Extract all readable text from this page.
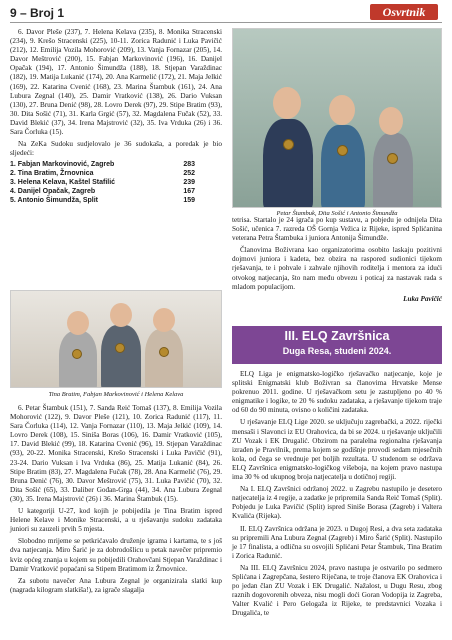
9 – Broj 1	Osvrtnik

6. Davor Pleše (237), 7. Helena Kelava (235), 8. Monika Stracenski (234), 9. Krešo Stracenski (225), 10-11. Zorica Radunić i Luka Pavičić (212), 12. Emilija Vozila Mohorović (209), 13. Vanja Fornazar (205), 14. Davor Meštrović (200), 15. Fabjan Markovinović (196), 16. Danijel Opačak (194), 17. Antonio Šimundža (188), 18. Stjepan Varaždinac (182), 19. Matija Lukanić (174), 20. Ana Karmelić (172), 21. Maja Jelkić (169), 22. Katarina Cvenić (168), 23. Marina Štambuk (161), 24. Ana Lubura Zegnal (140), 25. Damir Vratković (138), 26. Dario Vuksan (130), 27. Bruna Denić (98), 28. Lovro Derek (97), 29. Stipe Bratim (93), 30. Dita Sošić (71), 31. Karla Grgić (57), 32. Magdalena Fučak (52), 33. David Blekić (37), 34. Irena Majstrović (32), 35. Iva Vrduka (26) i 36. Sara Čorluka (15).

Na ZeKa Sudoku sudjelovalo je 36 sudokaša, a poredak je bio sljedeći:

1. Fabjan Markovinović, Zagreb	283
2. Tina Bratim, Žrnovnica	252
3. Helena Kelava, Kaštel Stafilić	239
4. Danijel Opačak, Zagreb	167
5. Antonio Šimundža, Split	159
Tina Bratim, Fabjan Markovinović i Helena Kelava

6. Petar Štambuk (151), 7. Sanda Reić Tomaš (137), 8. Emilija Vozila Mohorović (122), 9. Davor Pleše (121), 10. Zorica Radunić (117), 11. Sara Čorluka (114), 12. Vanja Fornazar (110), 13. Maja Jelkić (109), 14. Lovro Derek (108), 15. Siniša Boras (106), 16. Damir Vratković (105), 17. David Blekić (99), 18. Katarina Cvenić (96), 19. Stjepan Varaždinac (93), 20-22. Monika Stracenski, Krešo Stracenski i Luka Pavičić (91), 23-24. Dario Vuksan i Iva Vrduka (86), 25. Matija Lukanić (84), 26. Stipe Bratim (83), 27. Magdalena Fučak (78), 28. Ana Karmelić (76), 29. Bruna Denić (76), 30. Davor Meštrović (75), 31. Luka Pavičić (70), 32. Dita Sošić (65), 33. Daliber Gođan-Grga (44), 34. Ana Lubura Zegnal (30), 35. Irena Majstrović (26) i 36. Marina Štambuk (15).

U kategoriji U-27, kod kojih je pobijedila je Tina Bratim ispred Helene Kelave i Monike Stracenski, a u rješavanju sudoku zadataka juniori su zauzeli prvih 5 mjesta.

Slobodno mrijeme se petkrićavalo druženje igrama i kartama, te s još dva natjecanja. Miro Šarić je za dobrodošlicu u petak navečer pripremio kviz općeg znanja u kojem su pobijedili Orahovčani Stjepan Varaždinac i Damir Vratković popaćani sa Stipem Bratimom iz Žrnovnice.

Za subotu navečer Ana Lubura Zegnal je organizirala slatki kup (nagrada kilogram slatkiša!), za igrače slagalja

Petar Štambuk, Dita Sošić i Antonio Šimundža

tetrisa. Startalo je 24 igrača po kup sustavu, a pobjedu je odnijela Dita Sošić, učenica 7. razreda OŠ Gornja Vežica iz Rijeke, ispred Splićanina veterana Petra Štambuka i juniora Antonija Šimundže.

Članovima Boživrana kao organizatorima osobito laskaju pozitivni dojmovi juniora i kadeta, bez obzira na raspored sudionici tijekom rješavanja, te i pohvale i zahvale njihovih roditelja i mentora za idući otvokog natjecanja, što nam među obvezu i poticaj za nastavak rada s mladom populacijom.

Luka Pavičić
III. ELQ Završnica
Duga Resa, studeni 2024.

ELQ Liga je enigmatsko-logičko rješavačko natjecanje, koje je splitski Enigmatski klub Boživran sa članovima Hrvatske Mense pokrenuo 2011. godine. U rješavačkom setu je zastupljeno po 40 % enigmatike i logike, te 20 % sudoku zadataka, a rješavanje tijekom traje od 60 do 90 minuta, ovisno o količini zadataka.

U rješavanje ELQ Lige 2020. se uključuju zagrebački, a 2022. riječki mensaši i Slavonci iz EU Orahovica, da bi se 2024. u rješavanje uključili ZU Vozak i EK Drugalić. Obzirom na paralelna regionalna rješavanja izrađen je Pravilnik, prema kojem se godišnje provodi sedam mjesečnih kola, od čega se vrednuje pet boljih rezultata. U studenom se održava ELQ Završnica enigmatsko-logičkog višeboja, na kojem pravo nastupa ima 30 % od ukupnog broja natjecatelja u dotičnoj regiji.

Na I. ELQ Završnici održanoj 2022. u Zagrebu nastupilo je desetero natjecatelja iz 4 regije, a zadatke je pripremila Sanda Reić Tomaš (Split). Pobjedu je Luka Pavičić (Split) ispred Siniše Borasa (Zagreb) i Valtera Kvalića (Rijeka).

II. ELQ Završnica održana je 2023. u Dugoj Resi, a dva seta zadataka su pripremili Ana Lubura Zegnal (Zagreb) i Miro Šarić (Split). Nastupilo je 17 finalista, a odlična su osvojili Splićani Petar Štambuk, Tina Bratim i Zorica Radunić.

Na III. ELQ Završnicu 2024, pravo nastupa je ostvarilo po sedmero Splićana i Zagrepčana, šestero Riječana, te troje članova EK Orahovica i po jedan član ZU Vozak i EK Drugalić. Nažalost, u Dugu Resu, zbog raznih dogovorenih obveza, nisu mogli doći Goran Vodopija iz Zagreba, Valter Kvalić i Pero Gelogaža iz Rijeke, te predstavnici Vozaka i Drugalića, te
